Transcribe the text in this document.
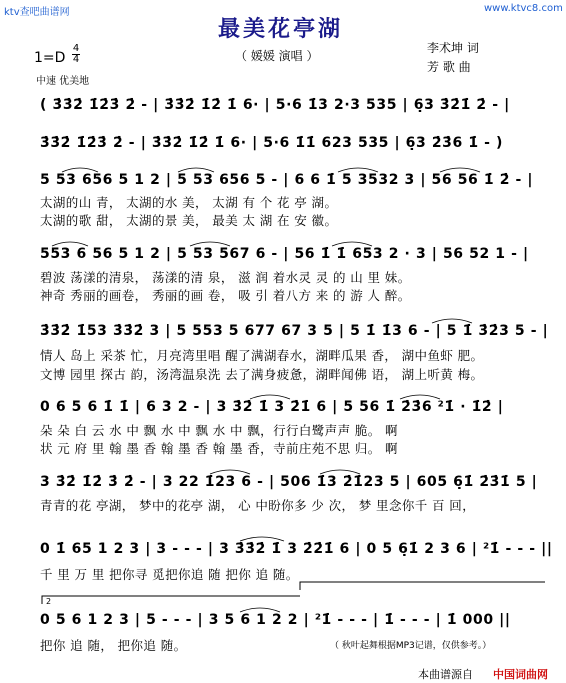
ktv查吧曲谱网	www.ktvc8.com
最美花亭湖
（ 媛媛 演唱 ）
李术坤 词
芳 歌 曲
1=D
4
4
中速 优美地
( 3̇3̇2̇ 1̇2̇3̇ 2̇ - | 3̇3̇2̇ 1̇2̇ 1̇ 6· | 5·6 1̇3 2·3 535 | 6̣3 3̇2̇1̇ 2̇ - |
3̇3̇2̇ 1̇2̇3̇ 2̇ - | 3̇3̇2̇ 1̇2̇ 1̇ 6· | 5·6 1̇1̇ 623 535 | 6̣3 2̇3̇6 1̇ - )
5 53 656 5 1 2 | 5 53 656 5 - | 6 6 1̇ 5 3532 3 | 56 56 1̇ 2̇ - |
太湖的山 青， 太湖的水 美， 太湖 有 个 花 亭 湖。
太湖的歌 甜， 太湖的景 美， 最美 太 湖 在 安 徽。
553 6 56 5 1 2 | 5 53 567 6 - | 56 1̇ 1̇ 653 2 · 3 | 56 52 1 - |
碧波 荡漾的清泉， 荡漾的清 泉， 滋 润 着水灵 灵 的 山 里 妹。
神奇 秀丽的画卷， 秀丽的画 卷， 吸 引 着八方 来 的 游 人 醉。
3̇3̇2̇ 1̇53 3̇3̇2̇ 3 | 5 553 5 677 67 3 5 | 5 1̇ 1̇3 6 - | 5 1̇ 3̇2̇3 5 - |
情人 岛上 采茶 忙，月亮湾里唱 醒了满湖春水，湖畔瓜果 香， 湖中鱼虾 肥。
文博 园里 探古 韵，汤湾温泉洗 去了满身疲惫，湖畔闻佛 语， 湖上听黄 梅。
0 6 5 6 1̇ 1̇ | 6 3 2 - | 3 3̇2̇ 1̇ 3 2̇1̇ 6 | 5 56 1̇ 2̇3̇6 ²1̇ · 1̇2̇ |
朵 朵 白 云 水 中 飘 水 中 飘 水 中 飘，行行白鹭声声 脆。 啊
状 元 府 里 翰 墨 香 翰 墨 香 翰 墨 香，寺前庄苑不思 归。 啊
3 3̇2̇ 1̇2̇ 3̇ 2̇ - | 3 22 1̇23 6 - | 506 1̇3 2̇1̇23 5 | 605 6̣1̇ 2̇3̇1̇ 5 |
青青的花 亭湖， 梦中的花亭 湖， 心 中盼你多 少 次， 梦 里念你千 百 回，
0 1̇ 65 1 2 3 | 3 - - - | 3 3̇3̇2̇ 1̇ 3 2̇2̇1̇ 6 | 0 5 6̣1̇ 2 3 6 | ²1̇ - - - ||
千 里 万 里 把你寻 觅把你追 随 把你 追 随。
0 5 6 1 2 3 | 5 - - - | 3 5 6 1 2 2 | ²1̇ - - - | 1̇ - - - | 1̇ 000 ||
把你 追 随， 把你追 随。	（ 秋叶起舞根据MP3记谱，仅供参考。）
2
本曲谱源自 中国词曲网
